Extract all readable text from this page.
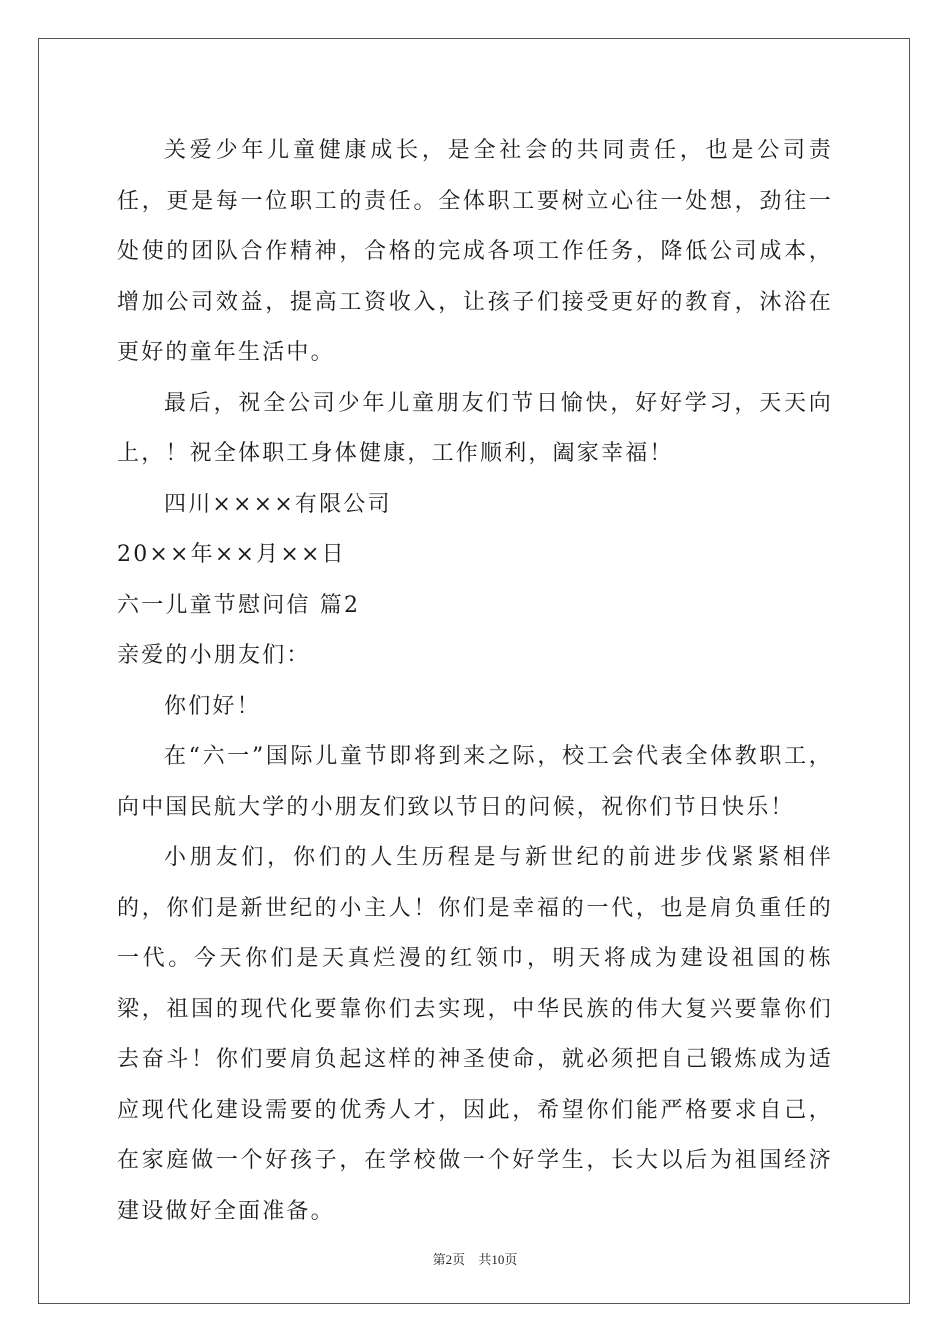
关爱少年儿童健康成长，是全社会的共同责任，也是公司责任，更是每一位职工的责任。全体职工要树立心往一处想，劲往一处使的团队合作精神，合格的完成各项工作任务，降低公司成本，增加公司效益，提高工资收入，让孩子们接受更好的教育，沐浴在更好的童年生活中。

最后，祝全公司少年儿童朋友们节日愉快，好好学习，天天向上，！祝全体职工身体健康，工作顺利，阖家幸福！

四川××××有限公司

20××年××月××日

六一儿童节慰问信 篇2

亲爱的小朋友们：

你们好！

在“六一”国际儿童节即将到来之际，校工会代表全体教职工，向中国民航大学的小朋友们致以节日的问候，祝你们节日快乐！

小朋友们，你们的人生历程是与新世纪的前进步伐紧紧相伴的，你们是新世纪的小主人！你们是幸福的一代，也是肩负重任的一代。今天你们是天真烂漫的红领巾，明天将成为建设祖国的栋梁，祖国的现代化要靠你们去实现，中华民族的伟大复兴要靠你们去奋斗！你们要肩负起这样的神圣使命，就必须把自己锻炼成为适应现代化建设需要的优秀人才，因此，希望你们能严格要求自己，在家庭做一个好孩子，在学校做一个好学生，长大以后为祖国经济建设做好全面准备。

第2页 共10页
